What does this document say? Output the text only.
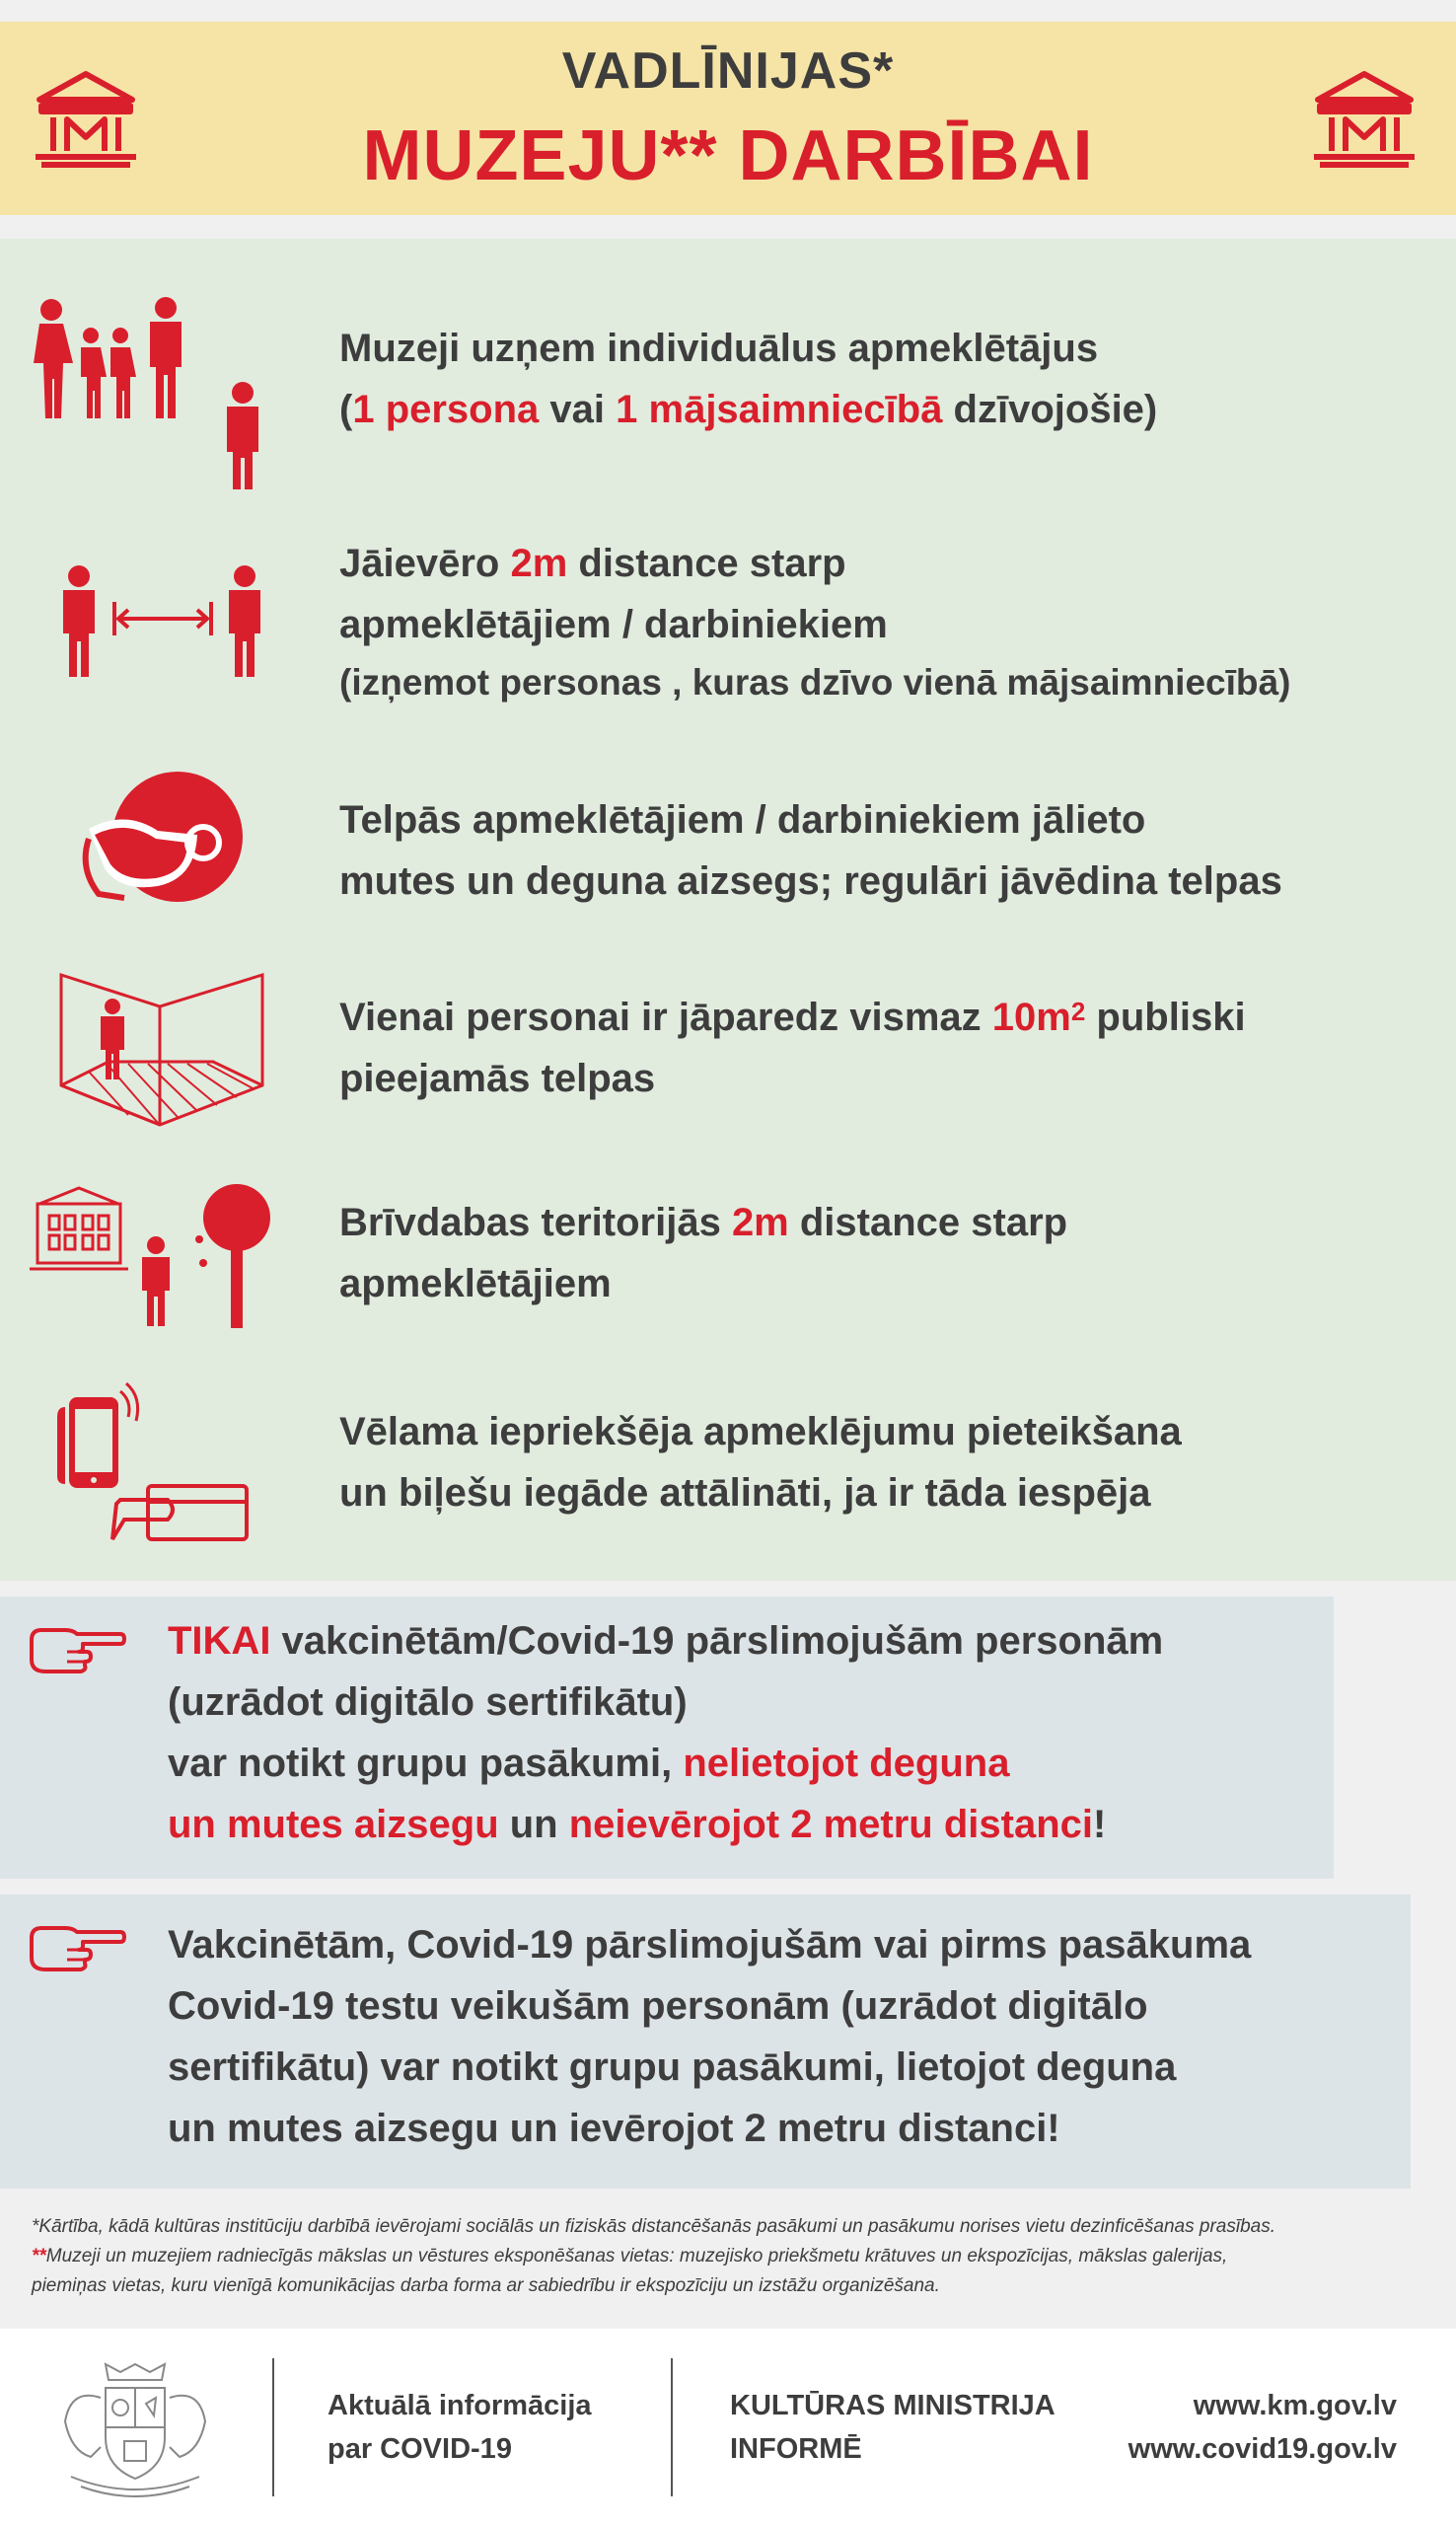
VADLĪNIJAS*
MUZEJU** DARBĪBAI
Muzeji uzņem individuālus apmeklētājus
(1 persona vai 1 mājsaimniecībā dzīvojošie)
Jāievēro 2m distance starp
apmeklētājiem / darbiniekiem
(izņemot personas , kuras dzīvo vienā mājsaimniecībā)
Telpās apmeklētājiem / darbiniekiem jālieto
mutes un deguna aizsegs; regulāri jāvēdina telpas
Vienai personai ir jāparedz vismaz $10m^2$ publiski
pieejamās telpas
Brīvdabas teritorijās 2m distance starp
apmeklētājiem
Vēlama iepriekšēja apmeklējumu pieteikšana
un biļešu iegāde attālināti, ja ir tāda iespēja
TIKAI vakcinētām/Covid-19 pārslimojušām personām
(uzrādot digitālo sertifikātu)
var notikt grupu pasākumi, nelietojot deguna
un mutes aizsegu un neievērojot 2 metru distanci!
Vakcinētām, Covid-19 pārslimojušām vai pirms pasākuma
Covid-19 testu veikušām personām (uzrādot digitālo
sertifikātu) var notikt grupu pasākumi, lietojot deguna
un mutes aizsegu un ievērojot 2 metru distanci!
*Kārtība, kādā kultūras institūciju darbībā ievērojami sociālās un fiziskās distancēšanās pasākumi un pasākumu norises vietu dezinficēšanas prasības.
**Muzeji un muzejiem radniecīgās mākslas un vēstures eksponēšanas vietas: muzejisko priekšmetu krātuves un ekspozīcijas, mākslas galerijas,
piemiņas vietas, kuru vienīgā komunikācijas darba forma ar sabiedrību ir ekspozīciju un izstāžu organizēšana.
Aktuālā informācija
par COVID-19
KULTŪRAS MINISTRIJA
INFORMĒ
www.km.gov.lv
www.covid19.gov.lv
